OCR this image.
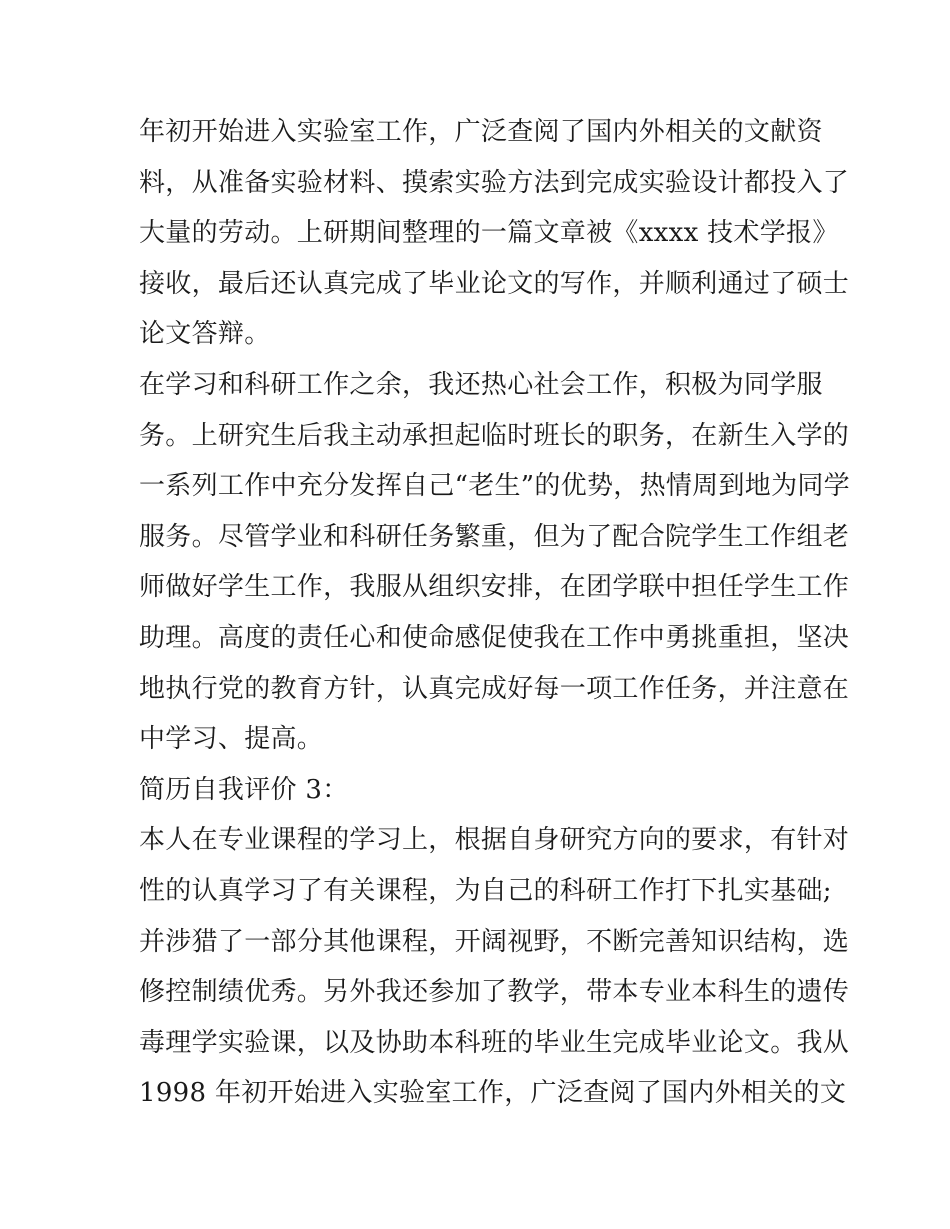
年初开始进入实验室工作，广泛查阅了国内外相关的文献资
料，从准备实验材料、摸索实验方法到完成实验设计都投入了
大量的劳动。上研期间整理的一篇文章被《xxxx 技术学报》
接收，最后还认真完成了毕业论文的写作，并顺利通过了硕士
论文答辩。
在学习和科研工作之余，我还热心社会工作，积极为同学服
务。上研究生后我主动承担起临时班长的职务，在新生入学的
一系列工作中充分发挥自己“老生”的优势，热情周到地为同学
服务。尽管学业和科研任务繁重，但为了配合院学生工作组老
师做好学生工作，我服从组织安排，在团学联中担任学生工作
助理。高度的责任心和使命感促使我在工作中勇挑重担，坚决
地执行党的教育方针，认真完成好每一项工作任务，并注意在
中学习、提高。
简历自我评价 3：
本人在专业课程的学习上，根据自身研究方向的要求，有针对
性的认真学习了有关课程，为自己的科研工作打下扎实基础;
并涉猎了一部分其他课程，开阔视野，不断完善知识结构，选
修控制绩优秀。另外我还参加了教学，带本专业本科生的遗传
毒理学实验课，以及协助本科班的毕业生完成毕业论文。我从
1998 年初开始进入实验室工作，广泛查阅了国内外相关的文
